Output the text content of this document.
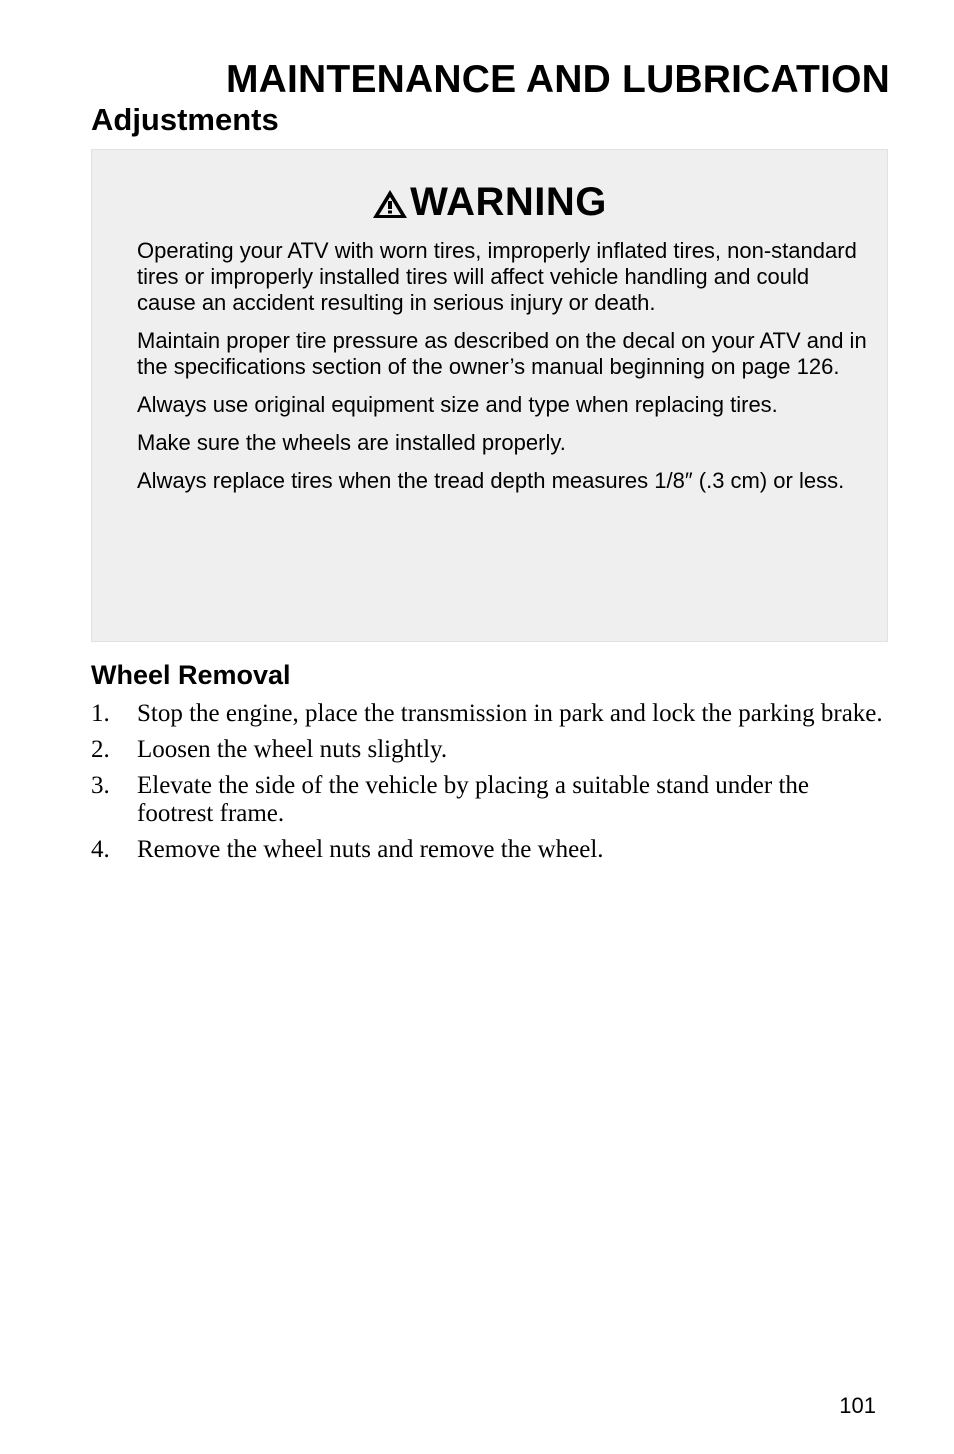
MAINTENANCE AND LUBRICATION
Adjustments
WARNING

Operating your ATV with worn tires, improperly inflated tires, non-standard tires or improperly installed tires will affect vehicle handling and could cause an accident resulting in serious injury or death.

Maintain proper tire pressure as described on the decal on your ATV and in the specifications section of the owner’s manual beginning on page 126.

Always use original equipment size and type when replacing tires.

Make sure the wheels are installed properly.

Always replace tires when the tread depth measures 1/8″ (.3 cm) or less.

Wheel Removal
1.	Stop the engine, place the transmission in park and lock the parking brake.
2.	Loosen the wheel nuts slightly.
3.	Elevate the side of the vehicle by placing a suitable stand under the footrest frame.
4.	Remove the wheel nuts and remove the wheel.
101
